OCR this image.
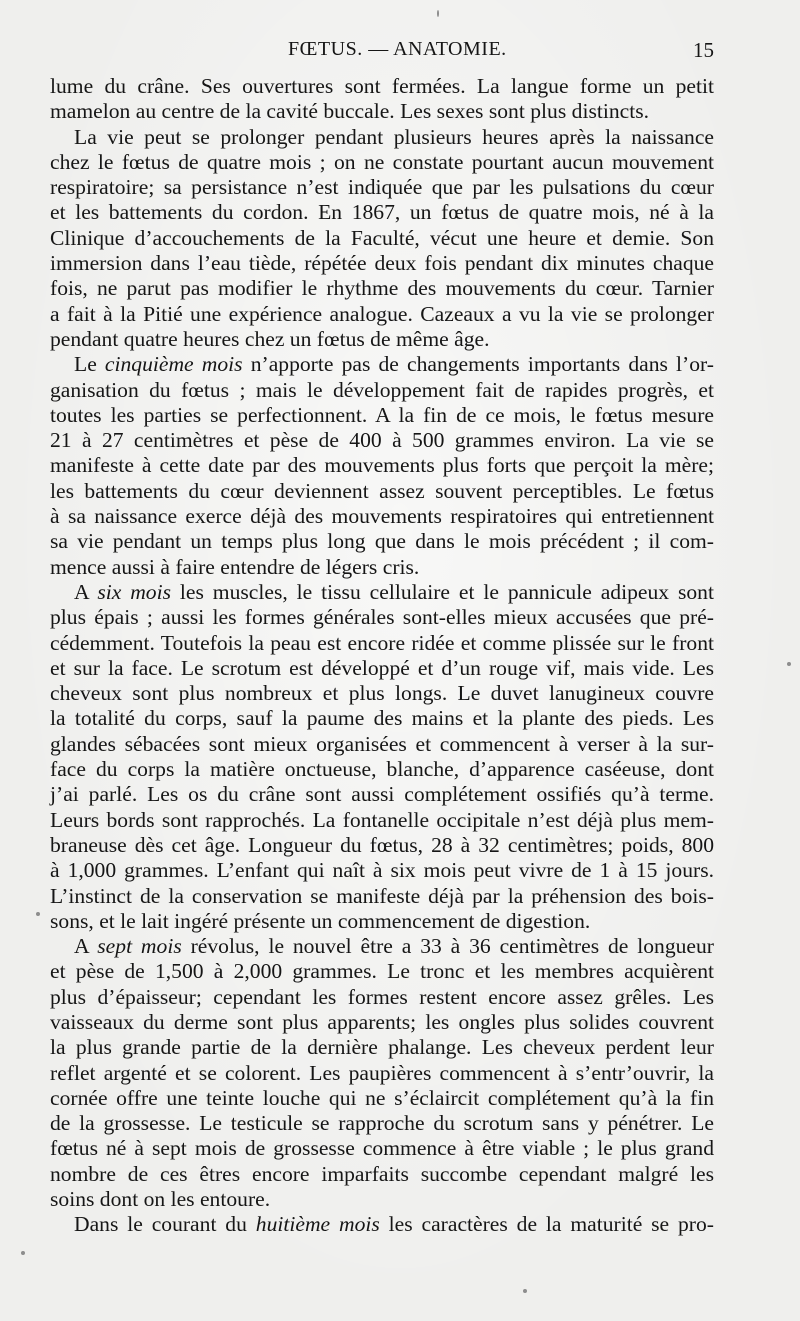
FŒTUS. — ANATOMIE.	15
lume du crâne. Ses ouvertures sont fermées. La langue forme un petit
mamelon au centre de la cavité buccale. Les sexes sont plus distincts.
La vie peut se prolonger pendant plusieurs heures après la naissance
chez le fœtus de quatre mois ; on ne constate pourtant aucun mouvement
respiratoire; sa persistance n’est indiquée que par les pulsations du cœur
et les battements du cordon. En 1867, un fœtus de quatre mois, né à la
Clinique d’accouchements de la Faculté, vécut une heure et demie. Son
immersion dans l’eau tiède, répétée deux fois pendant dix minutes chaque
fois, ne parut pas modifier le rhythme des mouvements du cœur. Tarnier
a fait à la Pitié une expérience analogue. Cazeaux a vu la vie se prolonger
pendant quatre heures chez un fœtus de même âge.
Le cinquième mois n’apporte pas de changements importants dans l’or-
ganisation du fœtus ; mais le développement fait de rapides progrès, et
toutes les parties se perfectionnent. A la fin de ce mois, le fœtus mesure
21 à 27 centimètres et pèse de 400 à 500 grammes environ. La vie se
manifeste à cette date par des mouvements plus forts que perçoit la mère;
les battements du cœur deviennent assez souvent perceptibles. Le fœtus
à sa naissance exerce déjà des mouvements respiratoires qui entretiennent
sa vie pendant un temps plus long que dans le mois précédent ; il com-
mence aussi à faire entendre de légers cris.
A six mois les muscles, le tissu cellulaire et le pannicule adipeux sont
plus épais ; aussi les formes générales sont-elles mieux accusées que pré-
cédemment. Toutefois la peau est encore ridée et comme plissée sur le front
et sur la face. Le scrotum est développé et d’un rouge vif, mais vide. Les
cheveux sont plus nombreux et plus longs. Le duvet lanugineux couvre
la totalité du corps, sauf la paume des mains et la plante des pieds. Les
glandes sébacées sont mieux organisées et commencent à verser à la sur-
face du corps la matière onctueuse, blanche, d’apparence caséeuse, dont
j’ai parlé. Les os du crâne sont aussi complétement ossifiés qu’à terme.
Leurs bords sont rapprochés. La fontanelle occipitale n’est déjà plus mem-
braneuse dès cet âge. Longueur du fœtus, 28 à 32 centimètres; poids, 800
à 1,000 grammes. L’enfant qui naît à six mois peut vivre de 1 à 15 jours.
L’instinct de la conservation se manifeste déjà par la préhension des bois-
sons, et le lait ingéré présente un commencement de digestion.
A sept mois révolus, le nouvel être a 33 à 36 centimètres de longueur
et pèse de 1,500 à 2,000 grammes. Le tronc et les membres acquièrent
plus d’épaisseur; cependant les formes restent encore assez grêles. Les
vaisseaux du derme sont plus apparents; les ongles plus solides couvrent
la plus grande partie de la dernière phalange. Les cheveux perdent leur
reflet argenté et se colorent. Les paupières commencent à s’entr’ouvrir, la
cornée offre une teinte louche qui ne s’éclaircit complétement qu’à la fin
de la grossesse. Le testicule se rapproche du scrotum sans y pénétrer. Le
fœtus né à sept mois de grossesse commence à être viable ; le plus grand
nombre de ces êtres encore imparfaits succombe cependant malgré les
soins dont on les entoure.
Dans le courant du huitième mois les caractères de la maturité se pro-
